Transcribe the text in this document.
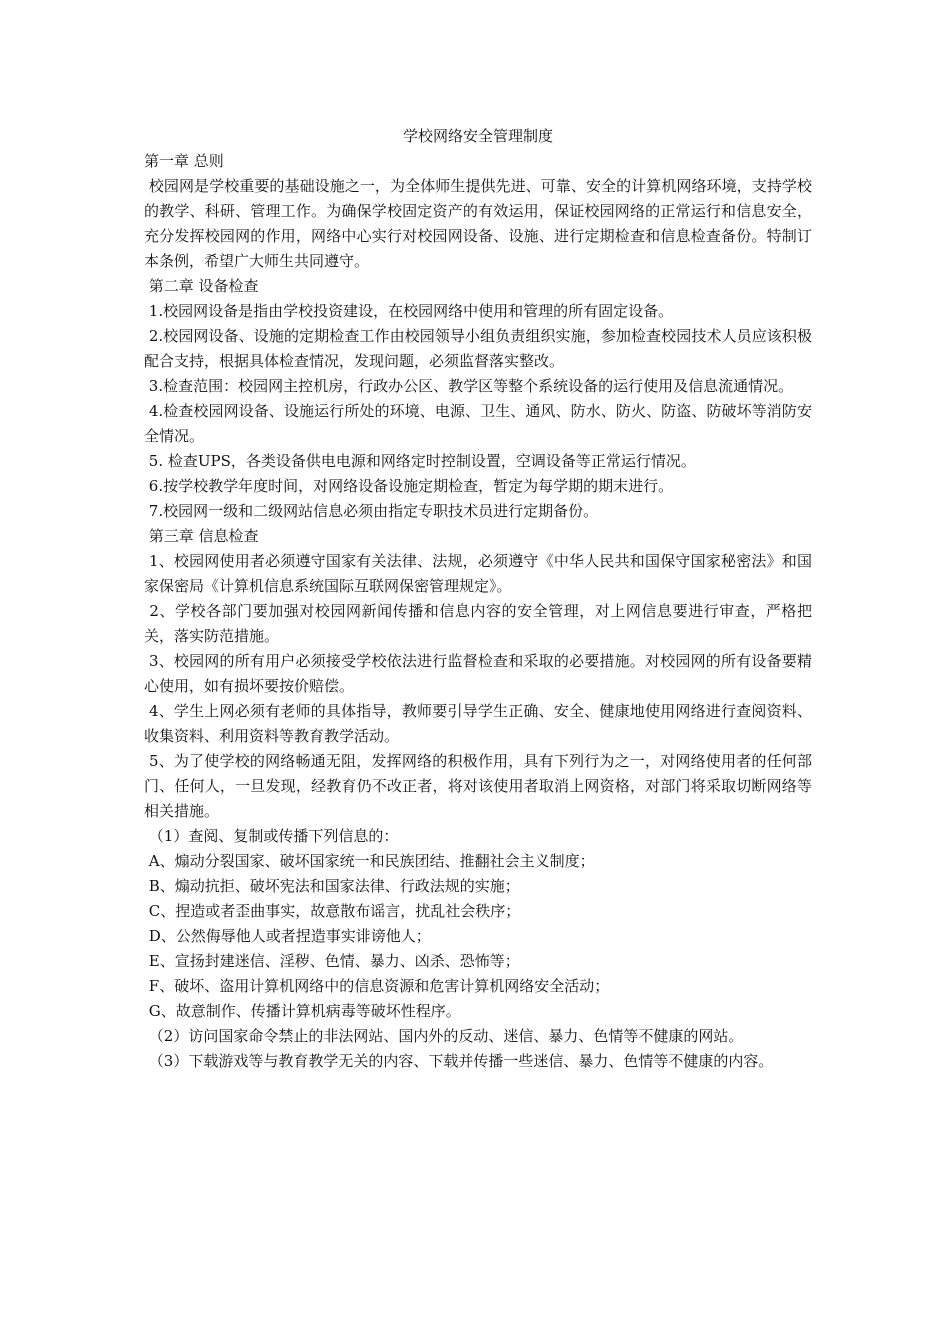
学校网络安全管理制度

第一章 总则

校园网是学校重要的基础设施之一，为全体师生提供先进、可靠、安全的计算机网络环境，支持学校的教学、科研、管理工作。为确保学校固定资产的有效运用，保证校园网络的正常运行和信息安全，充分发挥校园网的作用，网络中心实行对校园网设备、设施、进行定期检查和信息检查备份。特制订本条例，希望广大师生共同遵守。

第二章 设备检查

1.校园网设备是指由学校投资建设，在校园网络中使用和管理的所有固定设备。

2.校园网设备、设施的定期检查工作由校园领导小组负责组织实施，参加检查校园技术人员应该积极配合支持，根据具体检查情况，发现问题，必须监督落实整改。

3.检查范围：校园网主控机房，行政办公区、教学区等整个系统设备的运行使用及信息流通情况。

4.检查校园网设备、设施运行所处的环境、电源、卫生、通风、防水、防火、防盗、防破坏等消防安全情况。

5. 检查UPS，各类设备供电电源和网络定时控制设置，空调设备等正常运行情况。

6.按学校教学年度时间，对网络设备设施定期检查，暂定为每学期的期末进行。

7.校园网一级和二级网站信息必须由指定专职技术员进行定期备份。

第三章 信息检查

1、校园网使用者必须遵守国家有关法律、法规，必须遵守《中华人民共和国保守国家秘密法》和国家保密局《计算机信息系统国际互联网保密管理规定》。

2、学校各部门要加强对校园网新闻传播和信息内容的安全管理，对上网信息要进行审查，严格把关，落实防范措施。

3、校园网的所有用户必须接受学校依法进行监督检查和采取的必要措施。对校园网的所有设备要精心使用，如有损坏要按价赔偿。

4、学生上网必须有老师的具体指导，教师要引导学生正确、安全、健康地使用网络进行查阅资料、收集资料、利用资料等教育教学活动。

5、为了使学校的网络畅通无阻，发挥网络的积极作用，具有下列行为之一，对网络使用者的任何部门、任何人，一旦发现，经教育仍不改正者，将对该使用者取消上网资格，对部门将采取切断网络等相关措施。

（1）查阅、复制或传播下列信息的：

A、煽动分裂国家、破坏国家统一和民族团结、推翻社会主义制度；

B、煽动抗拒、破坏宪法和国家法律、行政法规的实施；

C、捏造或者歪曲事实，故意散布谣言，扰乱社会秩序；

D、公然侮辱他人或者捏造事实诽谤他人；

E、宣扬封建迷信、淫秽、色情、暴力、凶杀、恐怖等；

F、破坏、盗用计算机网络中的信息资源和危害计算机网络安全活动；

G、故意制作、传播计算机病毒等破坏性程序。

（2）访问国家命令禁止的非法网站、国内外的反动、迷信、暴力、色情等不健康的网站。

（3）下载游戏等与教育教学无关的内容、下载并传播一些迷信、暴力、色情等不健康的内容。
